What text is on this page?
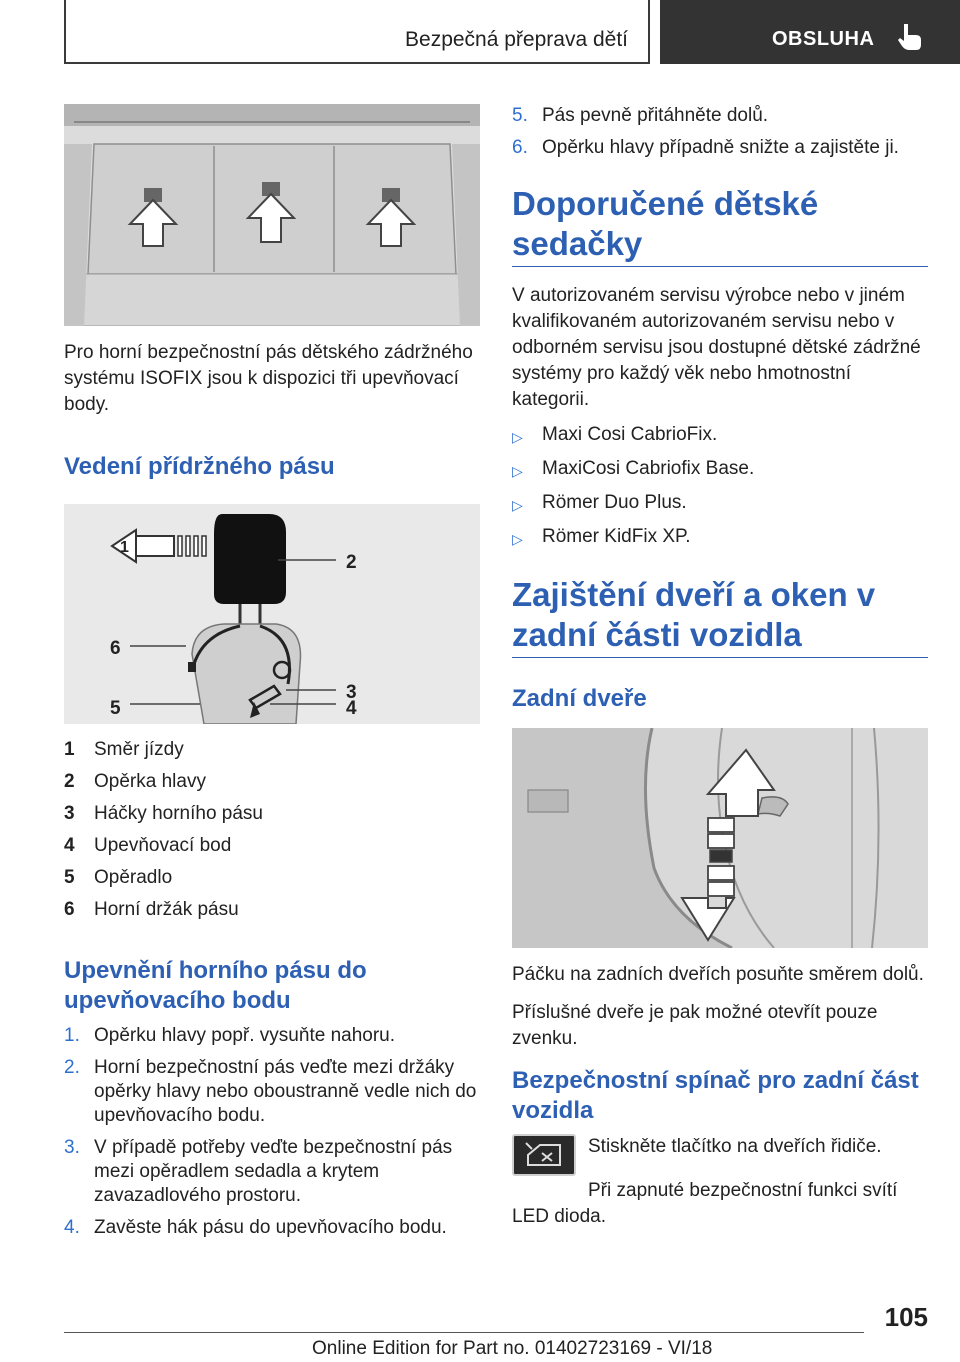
Bezpečná přeprava dětí	OBSLUHA

Pro horní bezpečnostní pás dětského zádržného systému ISOFIX jsou k dispozici tři upevňovací body.

Vedení přídržného pásu
1
2
6
3
4
5
1	Směr jízdy
2	Opěrka hlavy
3	Háčky horního pásu
4	Upevňovací bod
5	Opěradlo
6	Horní držák pásu
Upevnění horního pásu do upevňovacího bodu
1. Opěrku hlavy popř. vysuňte nahoru.
2. Horní bezpečnostní pás veďte mezi držáky opěrky hlavy nebo oboustranně vedle nich do upevňovacího bodu.
3. V případě potřeby veďte bezpečnostní pás mezi opěradlem sedadla a krytem zavazadlového prostoru.
4. Zavěste hák pásu do upevňovacího bodu.
5. Pás pevně přitáhněte dolů.
6. Opěrku hlavy případně snižte a zajistěte ji.
Doporučené dětské sedačky

V autorizovaném servisu výrobce nebo v jiném kvalifikovaném autorizovaném servisu nebo v odborném servisu jsou dostupné dětské zádržné systémy pro každý věk nebo hmotnostní kategorii.

▷	Maxi Cosi CabrioFix.
▷	MaxiCosi Cabriofix Base.
▷	Römer Duo Plus.
▷	Römer KidFix XP.
Zajištění dveří a oken v zadní části vozidla
Zadní dveře

Páčku na zadních dveřích posuňte směrem dolů.

Příslušné dveře je pak možné otevřít pouze zvenku.

Bezpečnostní spínač pro zadní část vozidla

Stiskněte tlačítko na dveřích řidiče.

Při zapnuté bezpečnostní funkci svítí LED dioda.

105
Online Edition for Part no. 01402723169 - VI/18
